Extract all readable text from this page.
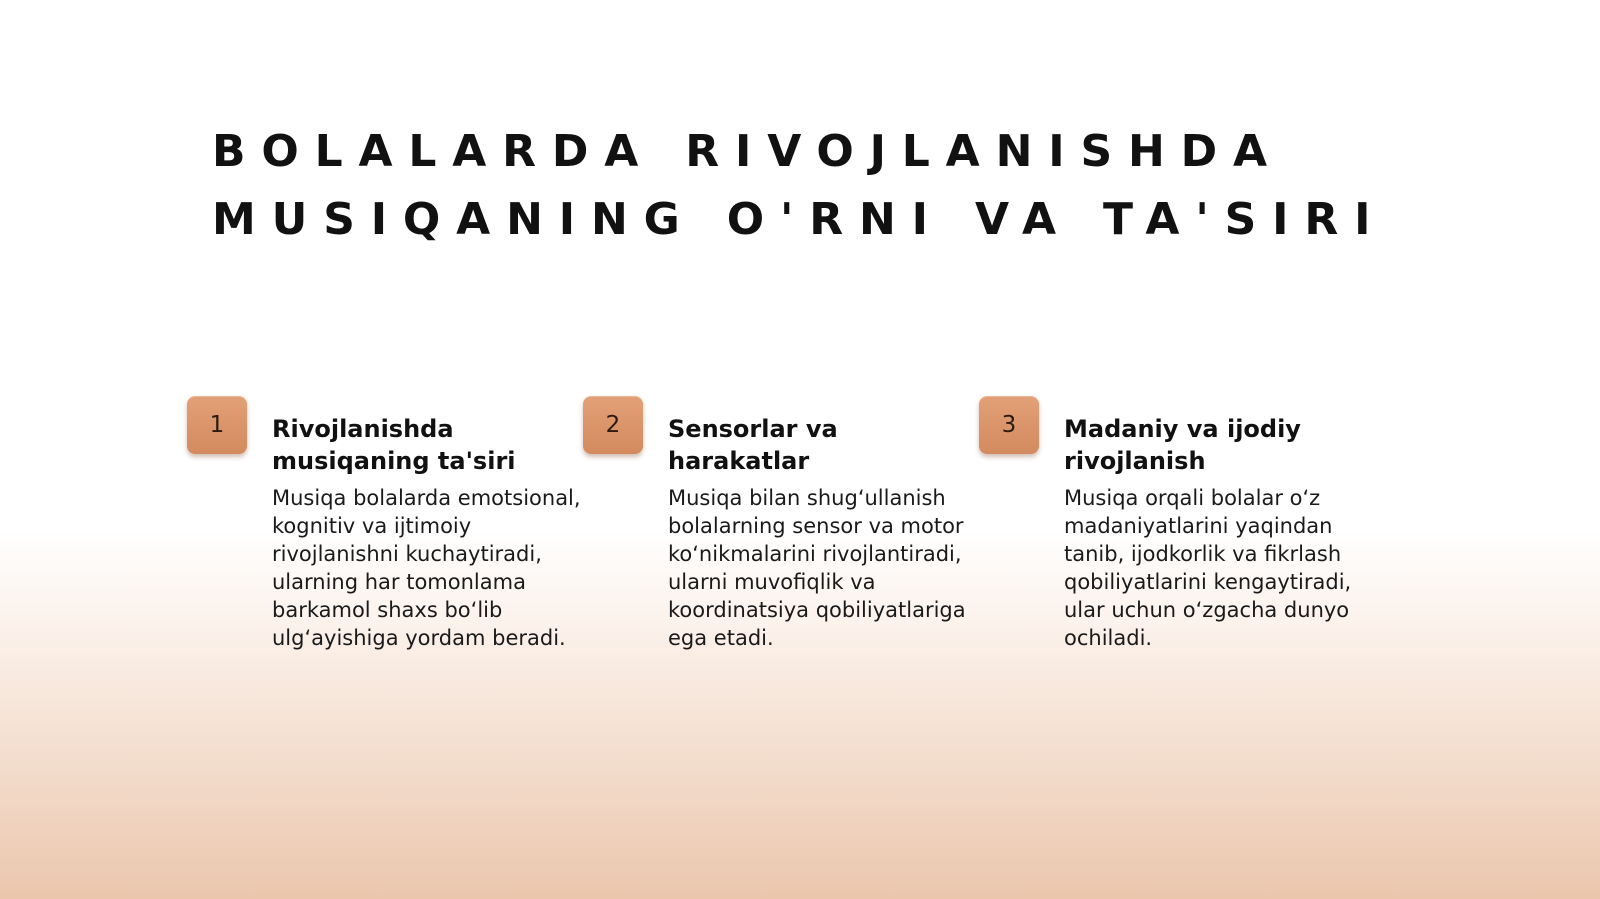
BOLALARDA RIVOJLANISHDA
MUSIQANING O'RNI VA TA'SIRI
1	Rivojlanishda
musiqaning ta'siri

Musiqa bolalarda emotsional,
kognitiv va ijtimoiy
rivojlanishni kuchaytiradi,
ularning har tomonlama
barkamol shaxs bo‘lib
ulg‘ayishiga yordam beradi.

2	Sensorlar va
harakatlar

Musiqa bilan shug‘ullanish
bolalarning sensor va motor
ko‘nikmalarini rivojlantiradi,
ularni muvofiqlik va
koordinatsiya qobiliyatlariga
ega etadi.

3	Madaniy va ijodiy
rivojlanish

Musiqa orqali bolalar o‘z
madaniyatlarini yaqindan
tanib, ijodkorlik va fikrlash
qobiliyatlarini kengaytiradi,
ular uchun o‘zgacha dunyo
ochiladi.
